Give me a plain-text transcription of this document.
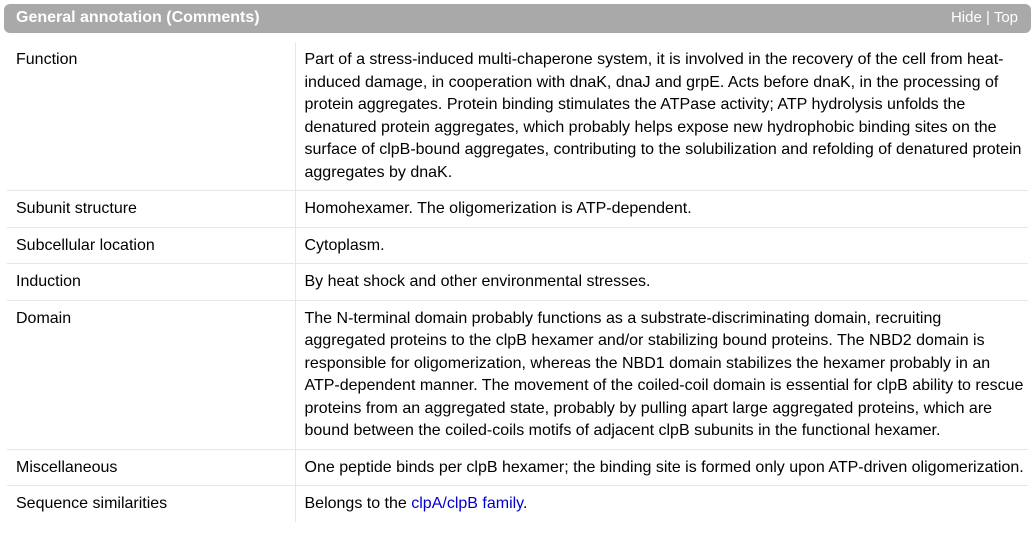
General annotation (Comments)	Hide | Top
Function	Part of a stress-induced multi-chaperone system, it is involved in the recovery of the cell from heat-induced damage, in cooperation with dnaK, dnaJ and grpE. Acts before dnaK, in the processing of protein aggregates. Protein binding stimulates the ATPase activity; ATP hydrolysis unfolds the denatured protein aggregates, which probably helps expose new hydrophobic binding sites on the surface of clpB-bound aggregates, contributing to the solubilization and refolding of denatured protein aggregates by dnaK.
Subunit structure	Homohexamer. The oligomerization is ATP-dependent.
Subcellular location	Cytoplasm.
Induction	By heat shock and other environmental stresses.
Domain	The N-terminal domain probably functions as a substrate-discriminating domain, recruiting aggregated proteins to the clpB hexamer and/or stabilizing bound proteins. The NBD2 domain is responsible for oligomerization, whereas the NBD1 domain stabilizes the hexamer probably in an ATP-dependent manner. The movement of the coiled-coil domain is essential for clpB ability to rescue proteins from an aggregated state, probably by pulling apart large aggregated proteins, which are bound between the coiled-coils motifs of adjacent clpB subunits in the functional hexamer.
Miscellaneous	One peptide binds per clpB hexamer; the binding site is formed only upon ATP-driven oligomerization.
Sequence similarities	Belongs to the clpA/clpB family.
